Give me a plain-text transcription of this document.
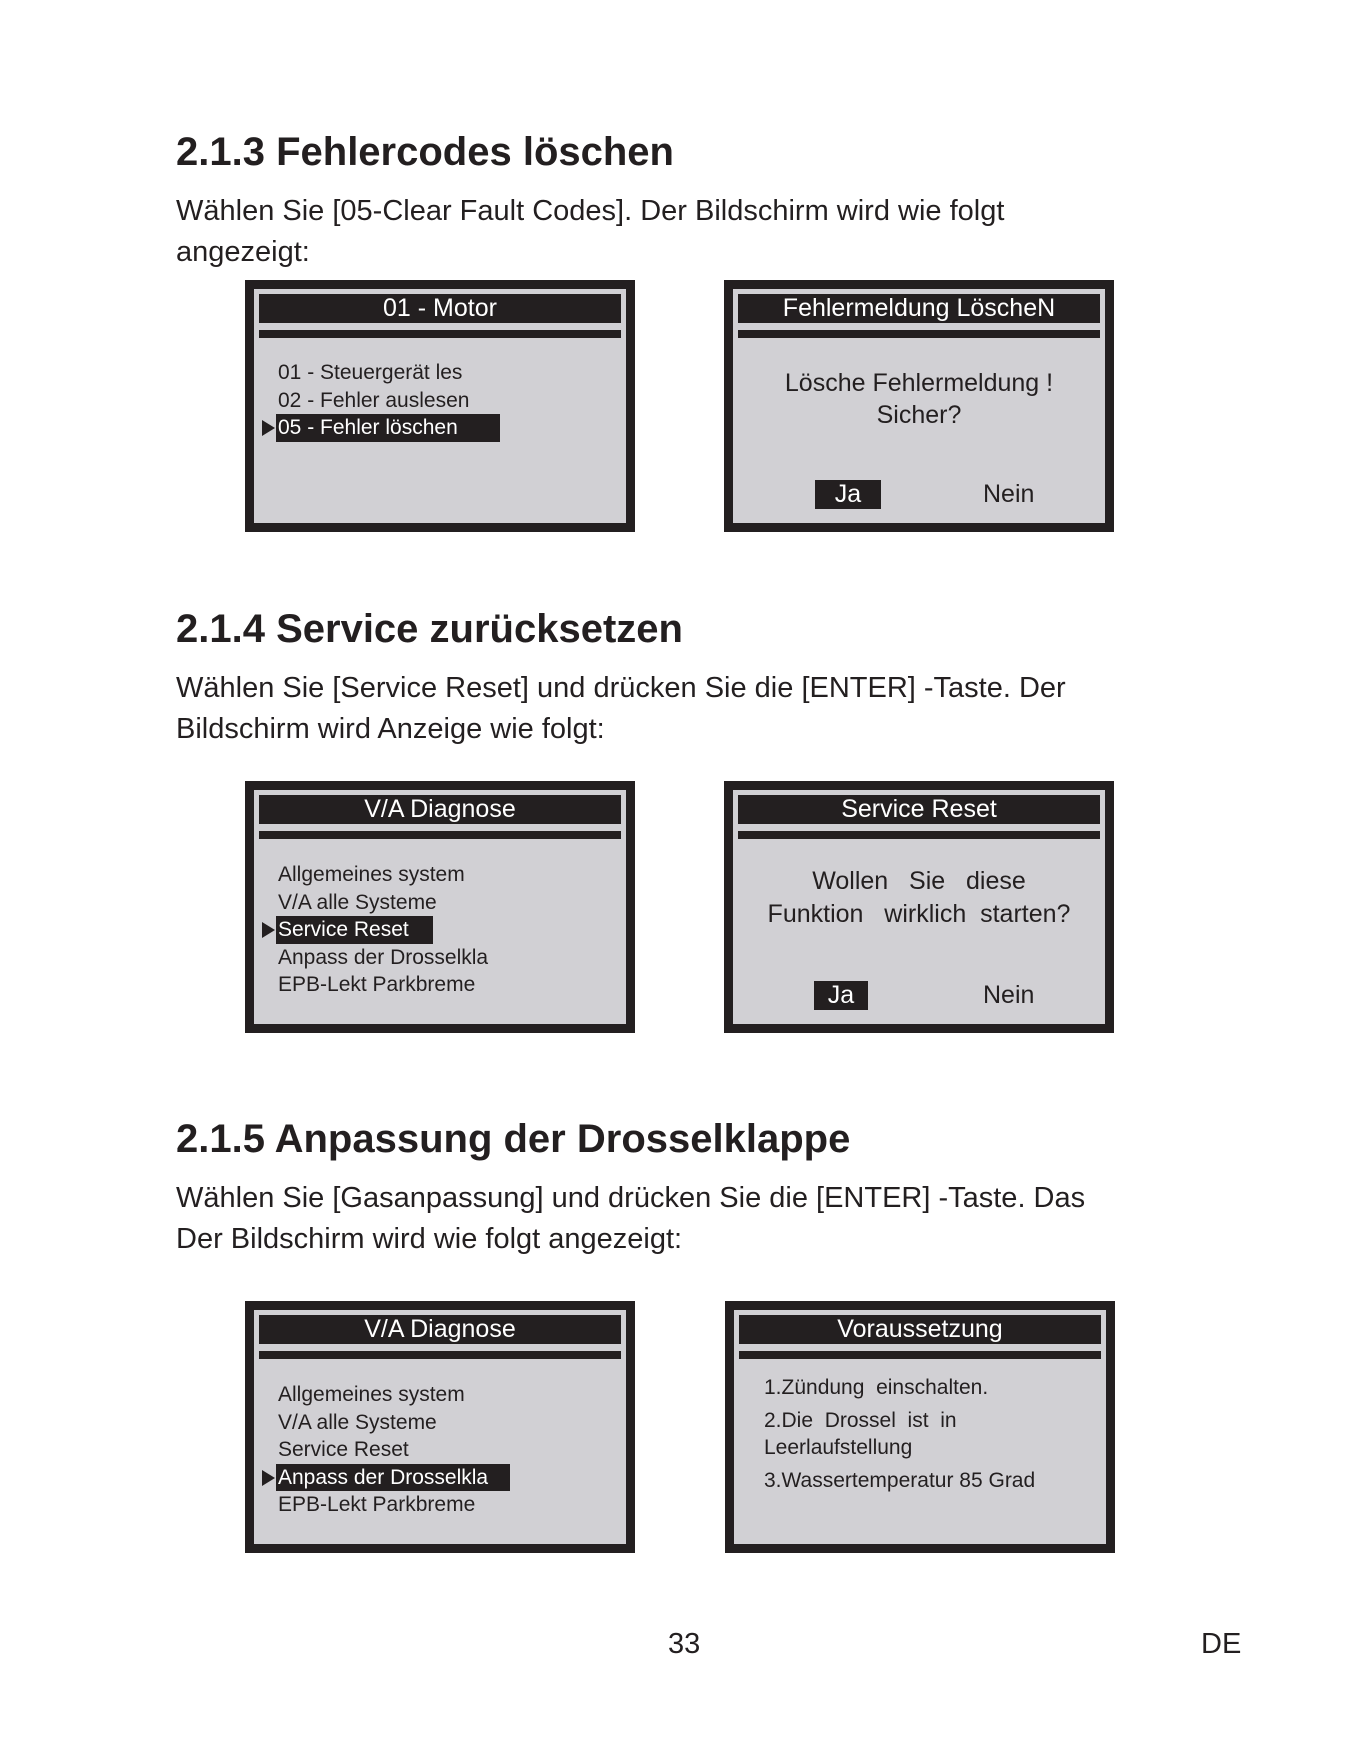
2.1.3 Fehlercodes löschen

Wählen Sie [05-Clear Fault Codes]. Der Bildschirm wird wie folgt
angezeigt:

01 - Motor
01 - Steuergerät les
02 - Fehler auslesen
05 - Fehler löschen
Fehlermeldung LöscheN
Lösche Fehlermeldung !
Sicher?
Ja	Nein
2.1.4 Service zurücksetzen

Wählen Sie [Service Reset] und drücken Sie die [ENTER] -Taste. Der
Bildschirm wird Anzeige wie folgt:

V/A Diagnose
Allgemeines system
V/A alle Systeme
Service Reset
Anpass der Drosselkla
EPB-Lekt Parkbreme
Service Reset
Wollen   Sie   diese
Funktion   wirklich  starten?
Ja	Nein
2.1.5 Anpassung der Drosselklappe

Wählen Sie [Gasanpassung] und drücken Sie die [ENTER] -Taste. Das
Der Bildschirm wird wie folgt angezeigt:

V/A Diagnose
Allgemeines system
V/A alle Systeme
Service Reset
Anpass der Drosselkla
EPB-Lekt Parkbreme
Voraussetzung
1.Zündung  einschalten.
2.Die  Drossel  ist  in
Leerlaufstellung
3.Wassertemperatur 85 Grad
33	DE
